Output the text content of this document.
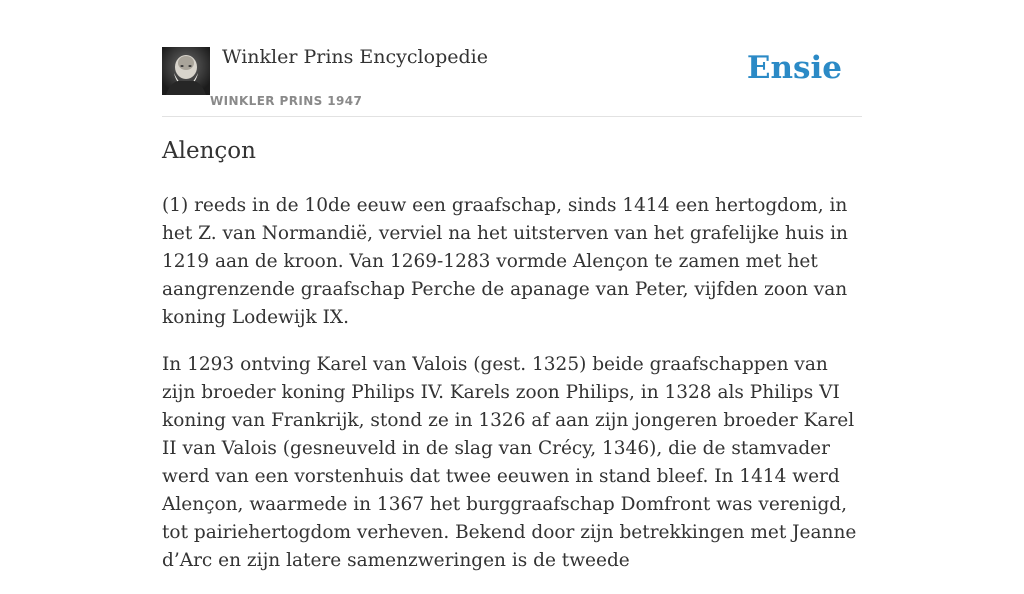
Winkler Prins Encyclopedie
WINKLER PRINS 1947
Ensie
Alençon

(1) reeds in de 10de eeuw een graafschap, sinds 1414 een hertogdom, in het Z. van Normandië, verviel na het uitsterven van het grafelijke huis in 1219 aan de kroon. Van 1269-1283 vormde Alençon te zamen met het aangrenzende graafschap Perche de apanage van Peter, vijfden zoon van koning Lodewijk IX.

In 1293 ontving Karel van Valois (gest. 1325) beide graafschappen van zijn broeder koning Philips IV. Karels zoon Philips, in 1328 als Philips VI koning van Frankrijk, stond ze in 1326 af aan zijn jongeren broeder Karel II van Valois (gesneuveld in de slag van Crécy, 1346), die de stamvader werd van een vorstenhuis dat twee eeuwen in stand bleef. In 1414 werd Alençon, waarmede in 1367 het burggraafschap Domfront was verenigd, tot pairiehertogdom verheven. Bekend door zijn betrekkingen met Jeanne d’Arc en zijn latere samenzweringen is de tweede
